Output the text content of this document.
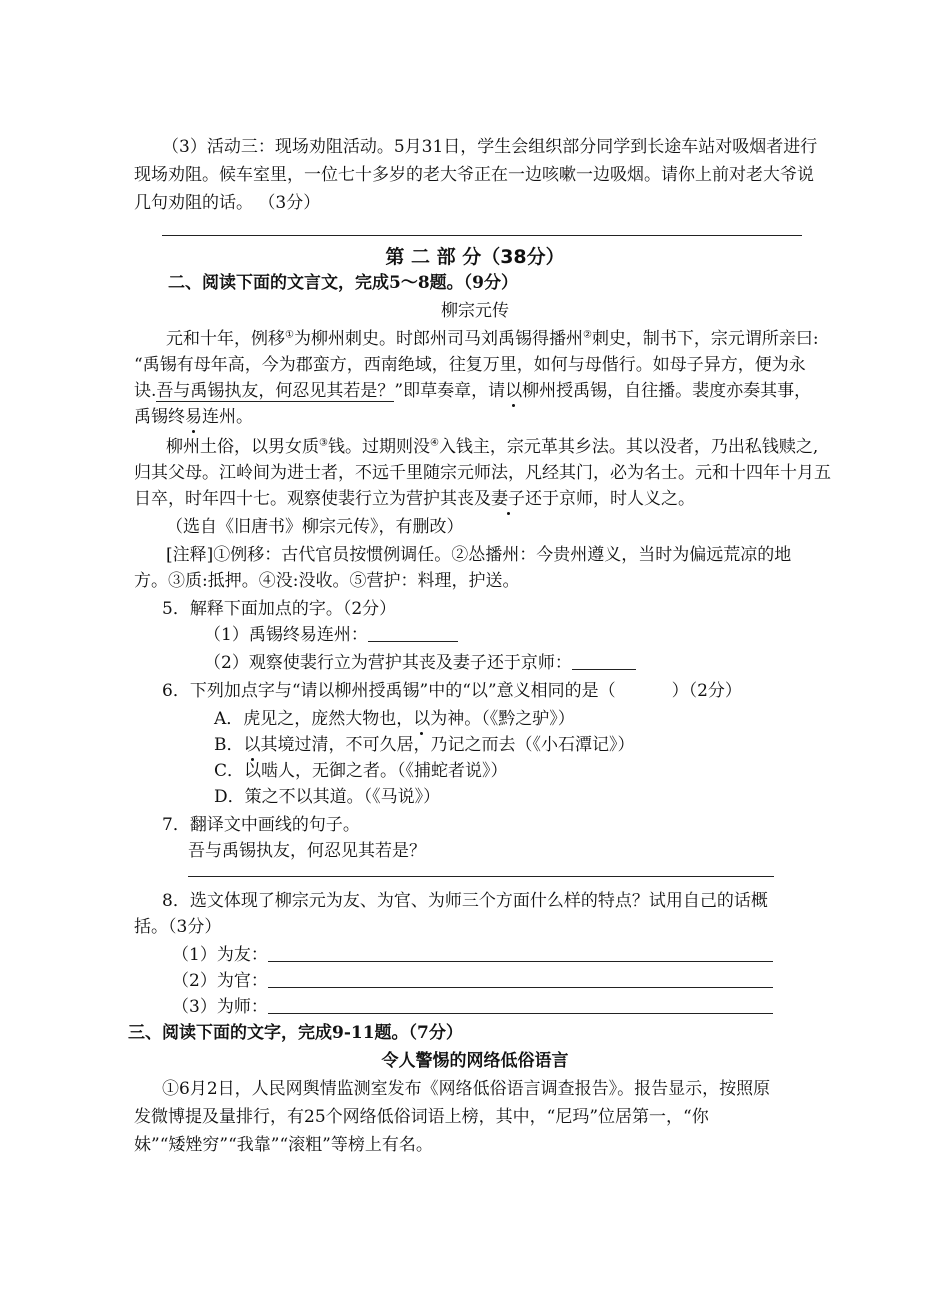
（3）活动三：现场劝阻活动。5月31日，学生会组织部分同学到长途车站对吸烟者进行
现场劝阻。候车室里，一位七十多岁的老大爷正在一边咳嗽一边吸烟。请你上前对老大爷说
几句劝阻的话。 （3分）
第 二 部 分（38分）
二、阅读下面的文言文，完成5～8题。（9分）
柳宗元传
元和十年，例移①为柳州刺史。时郎州司马刘禹锡得播州②刺史，制书下，宗元谓所亲曰:
“禹锡有母年高，今为郡蛮方，西南绝域，往复万里，如何与母偕行。如母子异方，便为永
诀.吾与禹锡执友，何忍见其若是？”即草奏章，请以柳州授禹锡，自往播。裴度亦奏其事，
禹锡终易连州。
柳州土俗，以男女质③钱。过期则没④入钱主，宗元革其乡法。其以没者，乃出私钱赎之,
归其父母。江岭间为进士者，不远千里随宗元师法，凡经其门，必为名士。元和十四年十月五
日卒，时年四十七。观察使裴行立为营护其丧及妻子还于京师，时人义之。
（选自《旧唐书》柳宗元传》，有删改）
[注释]①例移：古代官员按惯例调任。②怂播州：今贵州遵义，当时为偏远荒凉的地
方。③质:抵押。④没:没收。⑤营护：料理，护送。
5．解释下面加点的字。（2分）
（1）禹锡终易连州：
（2）观察使裴行立为营护其丧及妻子还于京师：
6．下列加点字与“请以柳州授禹锡”中的“以”意义相同的是（	）（2分）
A．虎见之，庞然大物也，以为神。（《黔之驴》）
B．以其境过清，不可久居，乃记之而去（《小石潭记》）
C．以啮人，无御之者。（《捕蛇者说》）
D．策之不以其道。（《马说》）
7．翻译文中画线的句子。
吾与禹锡执友，何忍见其若是？
8．选文体现了柳宗元为友、为官、为师三个方面什么样的特点？试用自己的话概
括。（3分）
（1）为友：
（2）为官：
（3）为师：
三、阅读下面的文字，完成9-11题。（7分）
令人警惕的网络低俗语言
①6月2日，人民网舆情监测室发布《网络低俗语言调查报告》。报告显示，按照原
发微博提及量排行，有25个网络低俗词语上榜，其中，“尼玛”位居第一，“你
妹”“矮矬穷”“我靠”“滚粗”等榜上有名。
